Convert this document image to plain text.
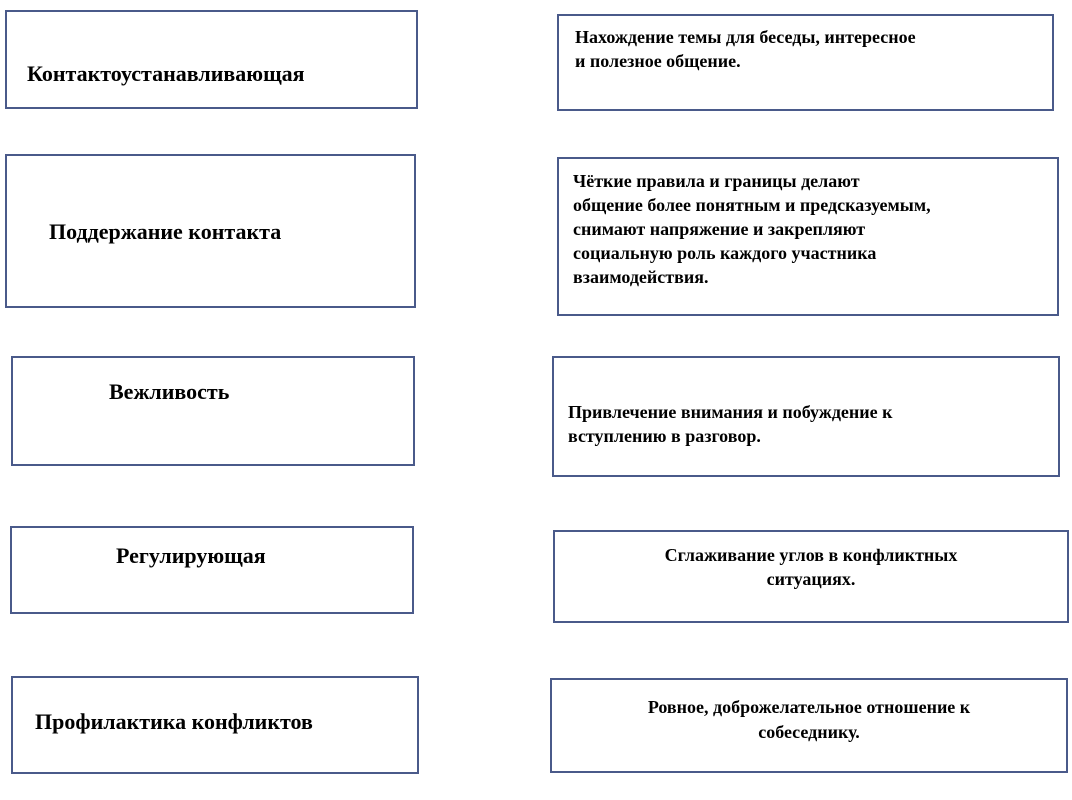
Контактоустанавливающая

Поддержание контакта

Вежливость

Регулирующая

Профилактика конфликтов

Нахождение темы для беседы, интересное

и полезное общение.

Чёткие правила и границы делают

общение более понятным и предсказуемым,

снимают напряжение и закрепляют

социальную роль каждого участника

взаимодействия.

Привлечение внимания и побуждение к

вступлению в разговор.

Сглаживание углов в конфликтных

ситуациях.

Ровное, доброжелательное отношение к

собеседнику.
